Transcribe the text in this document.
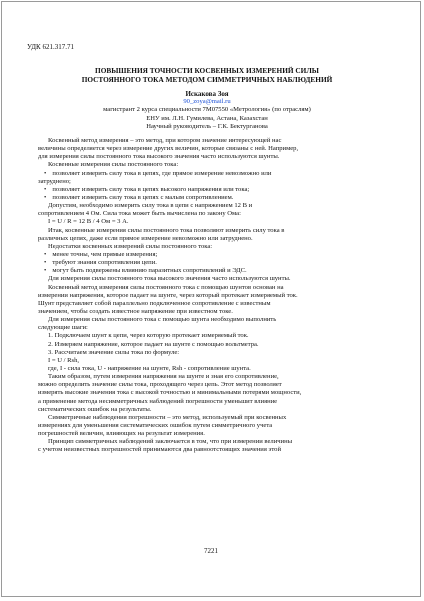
УДК 621.317.71
ПОВЫШЕНИЯ ТОЧНОСТИ КОСВЕННЫХ ИЗМЕРЕНИЙ СИЛЫ
ПОСТОЯННОГО ТОКА МЕТОДОМ СИММЕТРИЧНЫХ НАБЛЮДЕНИЙ
Искакова Зоя
90_zoya@mail.ru
магистрант 2 курса специальности 7М07550 «Метрология» (по отраслям)
ЕНУ им. Л.Н. Гумилева, Астана, Казахстан
Научный руководитель – Г.К. Бектурганова
Косвенный метод измерения – это метод, при котором значение интересующей нас
величины определяется через измерение других величин, которые связаны с ней. Например,
для измерения силы постоянного тока высокого значения часто используются шунты.
Косвенные измерения силы постоянного тока:
• позволяет измерить силу тока в цепях, где прямое измерение невозможно или
затруднено;
• позволяет измерить силу тока в цепях высокого напряжения или тока;
• позволяет измерить силу тока в цепях с малым сопротивлением.
Допустим, необходимо измерить силу тока в цепи с напряжением 12 В и
сопротивлением 4 Ом. Сила тока может быть вычислена по закону Ома:
I = U / R = 12 В / 4 Ом = 3 А.
Итак, косвенные измерения силы постоянного тока позволяют измерить силу тока в
различных цепях, даже если прямое измерение невозможно или затруднено.
Недостатки косвенных измерений силы постоянного тока:
• менее точны, чем прямые измерения;
• требуют знания сопротивления цепи.
• могут быть подвержены влиянию паразитных сопротивлений и ЭДС.
Для измерения силы постоянного тока высокого значения часто используются шунты.
Косвенный метод измерения силы постоянного тока с помощью шунтов основан на
измерении напряжения, которое падает на шунте, через который протекает измеряемый ток.
Шунт представляет собой параллельно подключенное сопротивление с известным
значением, чтобы создать известное напряжение при известном токе.
Для измерения силы постоянного тока с помощью шунта необходимо выполнить
следующие шаги:
1. Подключаем шунт к цепи, через которую протекает измеряемый ток.
2. Измеряем напряжение, которое падает на шунте с помощью вольтметра.
3. Рассчитаем значение силы тока по формуле:
I = U / Rsh,
где, I - сила тока, U - напряжение на шунте, Rsh - сопротивление шунта.
Таким образом, путем измерения напряжения на шунте и зная его сопротивление,
можно определить значение силы тока, проходящего через цепь. Этот метод позволяет
измерять высокие значения тока с высокой точностью и минимальными потерями мощности,
а применение метода несимметричных наблюдений погрешности уменьшит влияние
систематических ошибок на результаты.
Симметричные наблюдения погрешности – это метод, используемый при косвенных
измерениях для уменьшения систематических ошибок путем симметричного учета
погрешностей величин, влияющих на результат измерения.
Принцип симметричных наблюдений заключается в том, что при измерении величины
с учетом неизвестных погрешностей принимаются два равноотстоящих значения этой
7221
